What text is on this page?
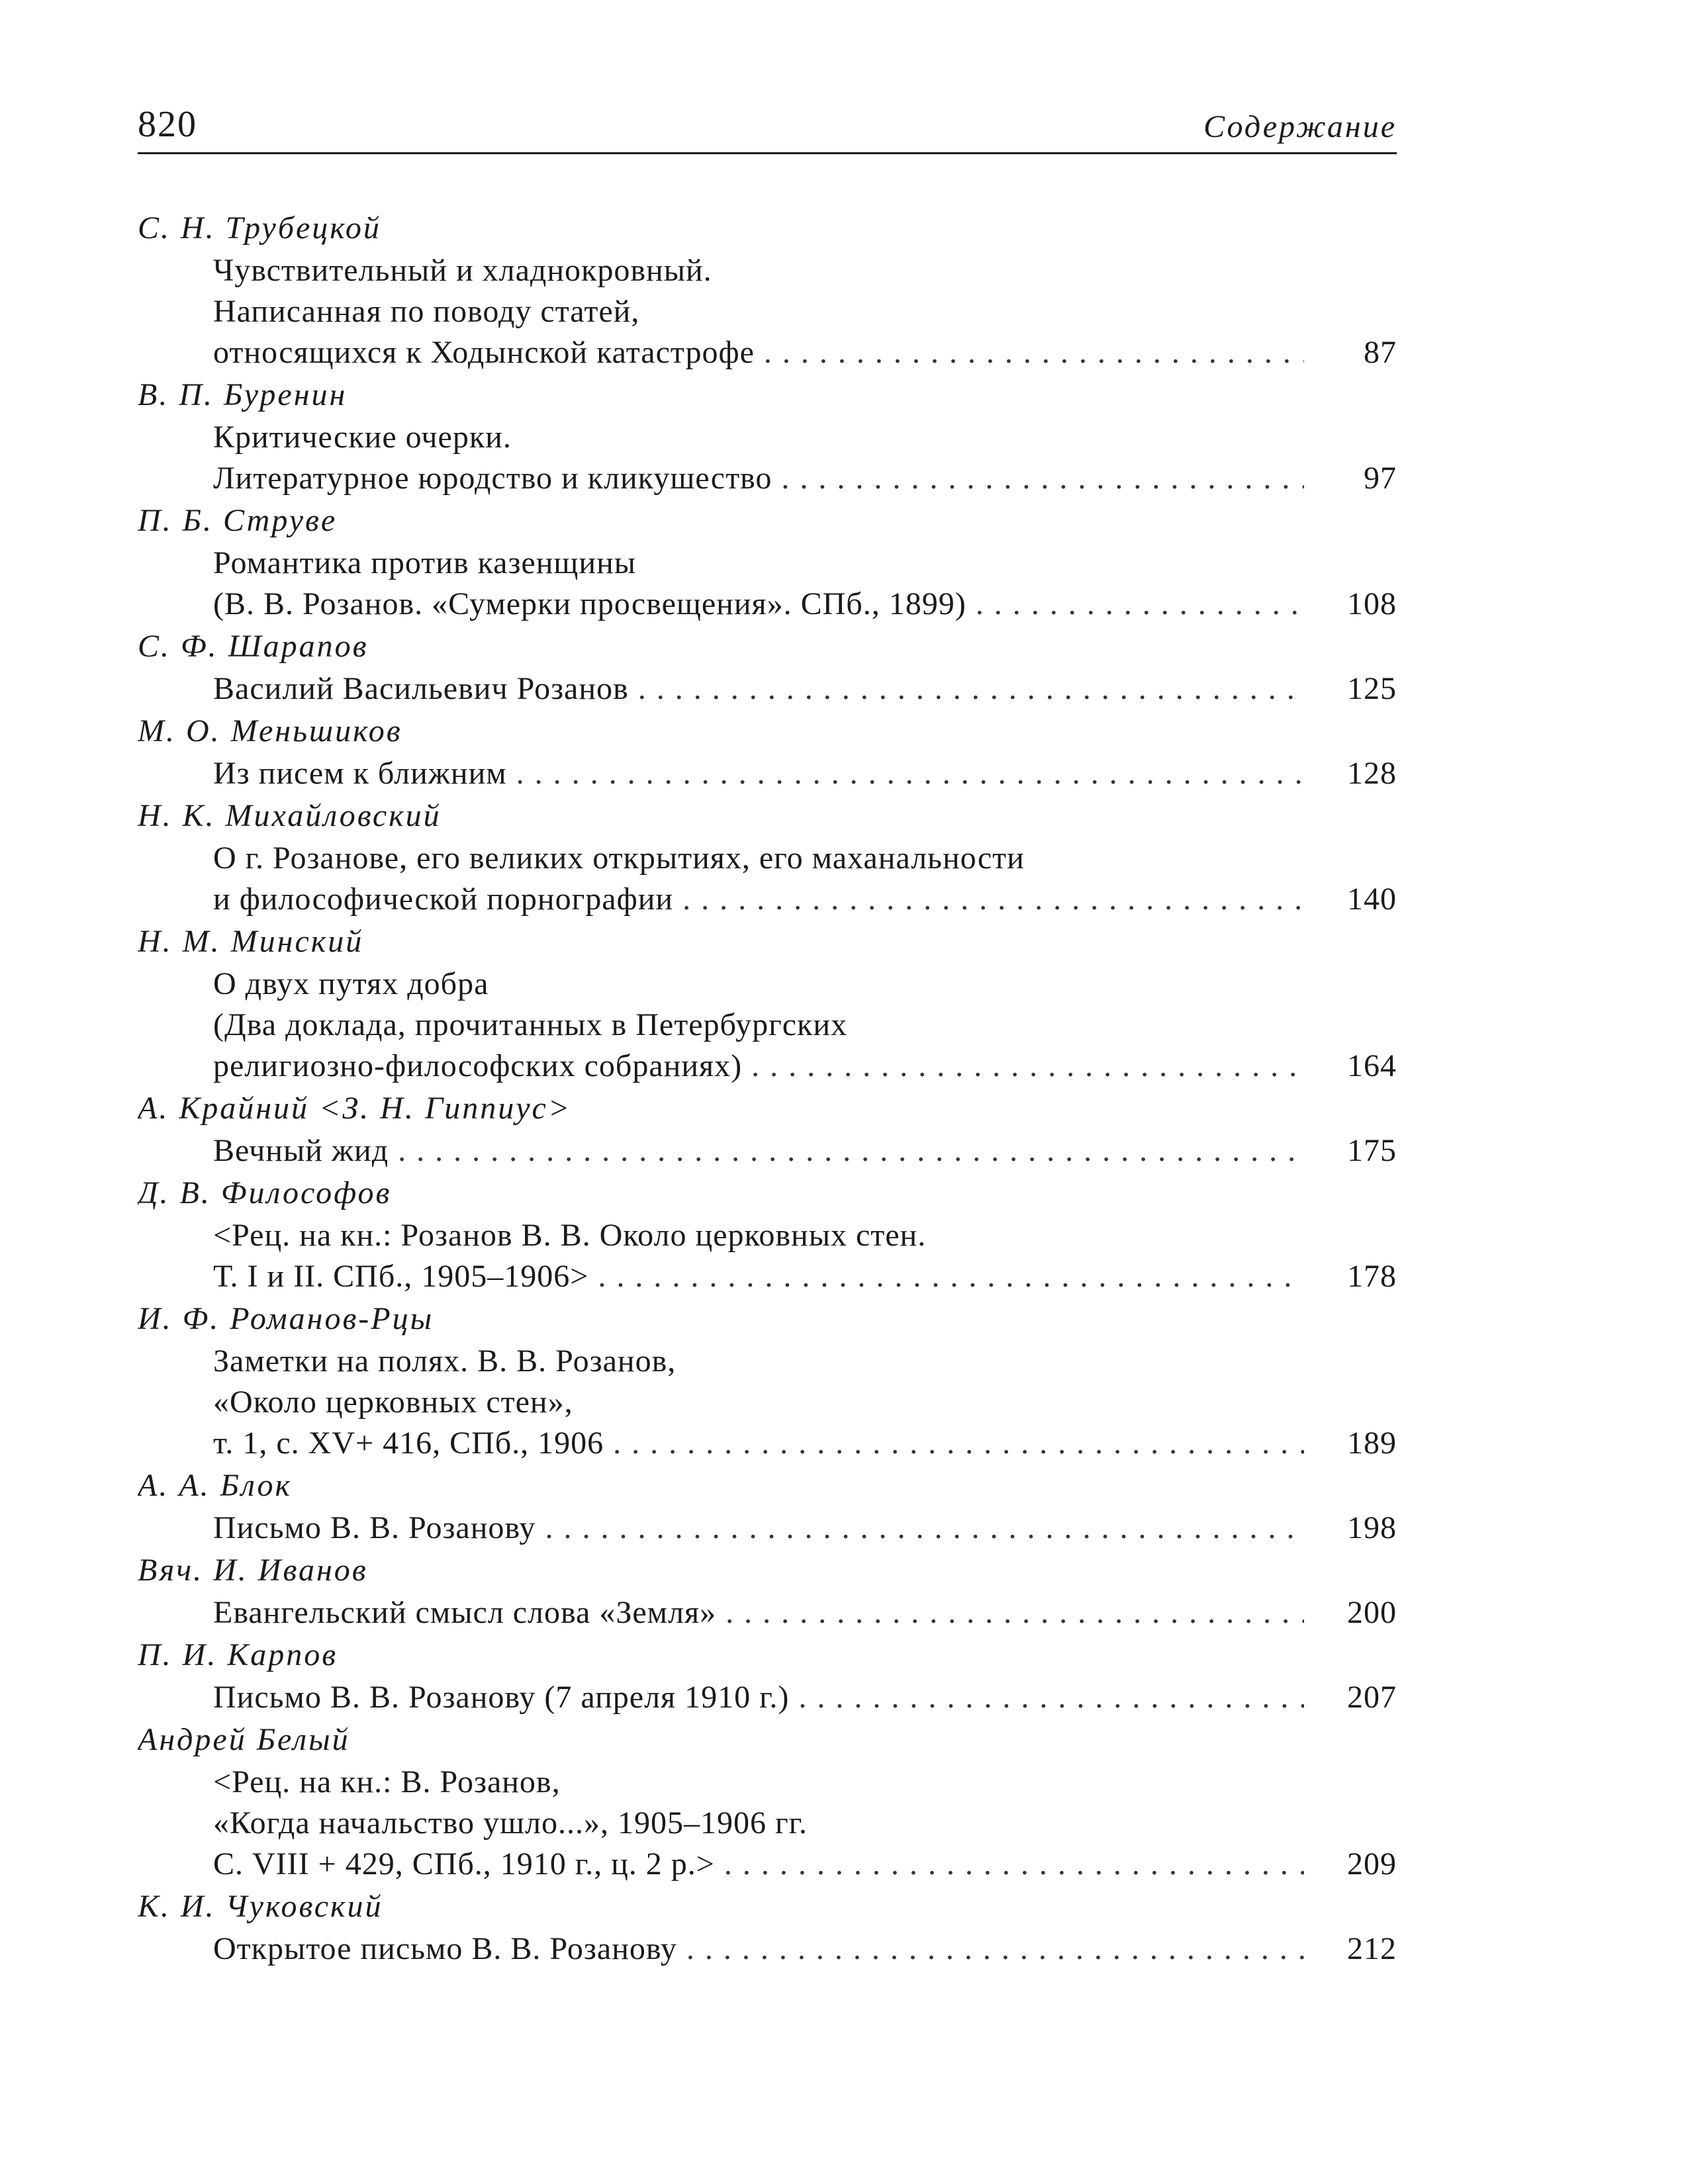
820	Содержание
С. Н. Трубецкой
Чувствительный и хладнокровный.
Написанная по поводу статей,
относящихся к Ходынской катастрофе . . .	87
В. П. Буренин
Критические очерки.
Литературное юродство и кликушество . . .	97
П. Б. Струве
Романтика против казенщины
(В. В. Розанов. «Сумерки просвещения». СПб., 1899) . . .	108
С. Ф. Шарапов
Василий Васильевич Розанов . . .	125
М. О. Меньшиков
Из писем к ближним . . .	128
Н. К. Михайловский
О г. Розанове, его великих открытиях, его маханальности
и философической порнографии . . .	140
Н. М. Минский
О двух путях добра
(Два доклада, прочитанных в Петербургских
религиозно-философских собраниях) . . .	164
А. Крайний <З. Н. Гиппиус>
Вечный жид . . .	175
Д. В. Философов
<Рец. на кн.: Розанов В. В. Около церковных стен.
Т. I и II. СПб., 1905–1906> . . .	178
И. Ф. Романов-Рцы
Заметки на полях. В. В. Розанов,
«Около церковных стен»,
т. 1, с. XV+ 416, СПб., 1906 . . .	189
А. А. Блок
Письмо В. В. Розанову . . .	198
Вяч. И. Иванов
Евангельский смысл слова «Земля» . . .	200
П. И. Карпов
Письмо В. В. Розанову (7 апреля 1910 г.) . . .	207
Андрей Белый
<Рец. на кн.: В. Розанов,
«Когда начальство ушло...», 1905–1906 гг.
С. VIII + 429, СПб., 1910 г., ц. 2 р.> . . .	209
К. И. Чуковский
Открытое письмо В. В. Розанову . . .	212
